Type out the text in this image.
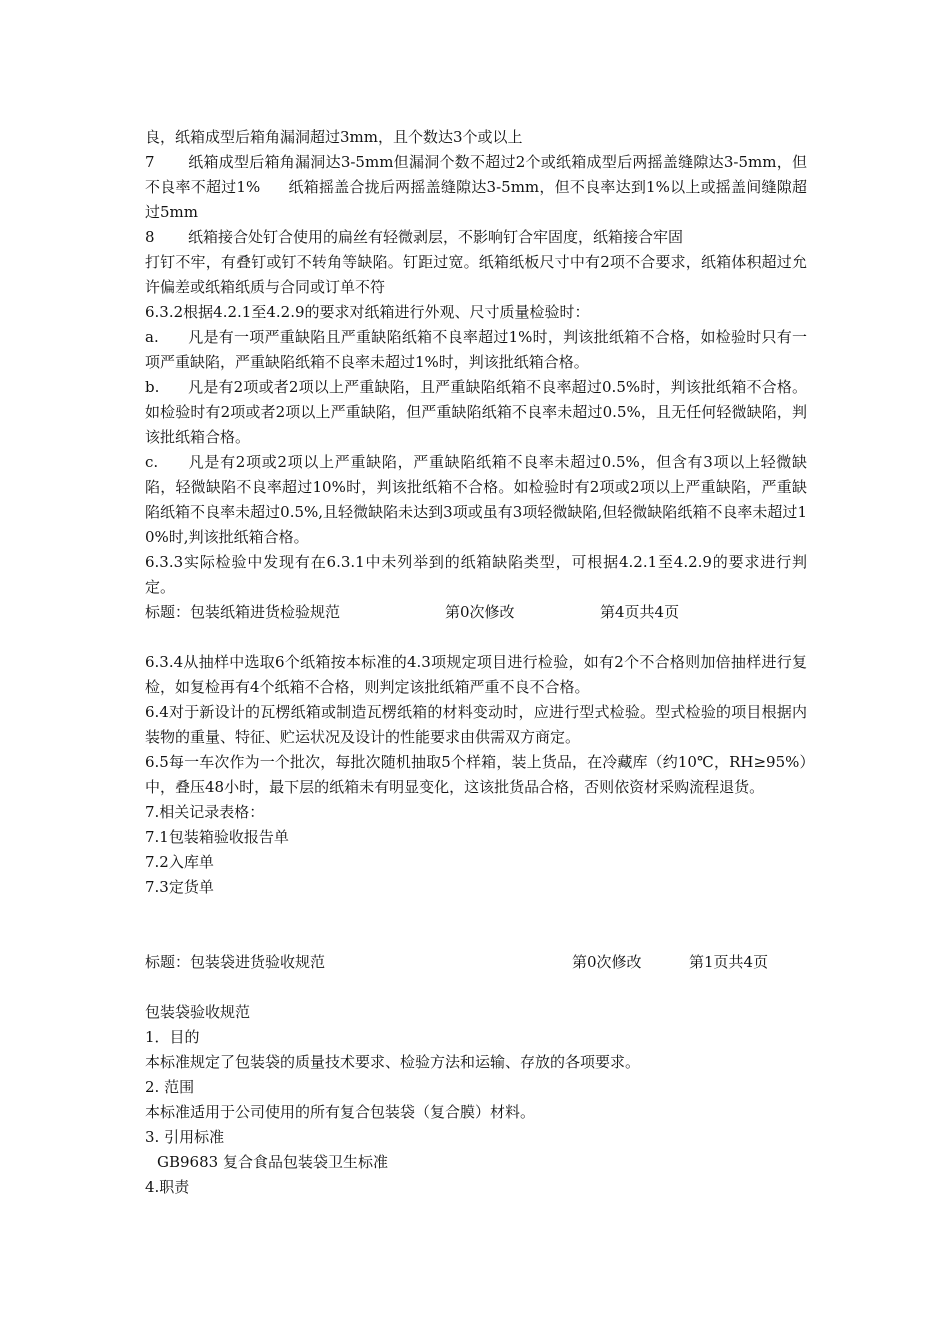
良，纸箱成型后箱角漏洞超过3mm，且个数达3个或以上

7 纸箱成型后箱角漏洞达3-5mm但漏洞个数不超过2个或纸箱成型后两摇盖缝隙达3-5mm，但不良率不超过1% 纸箱摇盖合拢后两摇盖缝隙达3-5mm，但不良率达到1%以上或摇盖间缝隙超过5mm

8 纸箱接合处钉合使用的扁丝有轻微剥层，不影响钉合牢固度，纸箱接合牢固

打钉不牢，有叠钉或钉不转角等缺陷。钉距过宽。纸箱纸板尺寸中有2项不合要求，纸箱体积超过允许偏差或纸箱纸质与合同或订单不符

6.3.2根据4.2.1至4.2.9的要求对纸箱进行外观、尺寸质量检验时：

a. 凡是有一项严重缺陷且严重缺陷纸箱不良率超过1%时，判该批纸箱不合格，如检验时只有一项严重缺陷，严重缺陷纸箱不良率未超过1%时，判该批纸箱合格。

b. 凡是有2项或者2项以上严重缺陷，且严重缺陷纸箱不良率超过0.5%时，判该批纸箱不合格。如检验时有2项或者2项以上严重缺陷，但严重缺陷纸箱不良率未超过0.5%，且无任何轻微缺陷，判该批纸箱合格。

c. 凡是有2项或2项以上严重缺陷，严重缺陷纸箱不良率未超过0.5%，但含有3项以上轻微缺陷，轻微缺陷不良率超过10%时，判该批纸箱不合格。如检验时有2项或2项以上严重缺陷，严重缺陷纸箱不良率未超过0.5%,且轻微缺陷未达到3项或虽有3项轻微缺陷,但轻微缺陷纸箱不良率未超过10%时,判该批纸箱合格。

6.3.3实际检验中发现有在6.3.1中未列举到的纸箱缺陷类型，可根据4.2.1至4.2.9的要求进行判定。

标题：包装纸箱进货检验规范	第0次修改	第4页共4页

6.3.4从抽样中选取6个纸箱按本标准的4.3项规定项目进行检验，如有2个不合格则加倍抽样进行复检，如复检再有4个纸箱不合格，则判定该批纸箱严重不良不合格。

6.4对于新设计的瓦楞纸箱或制造瓦楞纸箱的材料变动时，应进行型式检验。型式检验的项目根据内装物的重量、特征、贮运状况及设计的性能要求由供需双方商定。

6.5每一车次作为一个批次，每批次随机抽取5个样箱，装上货品，在冷藏库（约10℃，RH≥95%）中，叠压48小时，最下层的纸箱未有明显变化，这该批货品合格，否则依资材采购流程退货。

7.相关记录表格：

7.1包装箱验收报告单

7.2入库单

7.3定货单

标题：包装袋进货验收规范	第0次修改	第1页共4页

包装袋验收规范

1．目的

本标准规定了包装袋的质量技术要求、检验方法和运输、存放的各项要求。

2. 范围

本标准适用于公司使用的所有复合包装袋（复合膜）材料。

3. 引用标准

GB9683 复合食品包装袋卫生标准

4.职责
